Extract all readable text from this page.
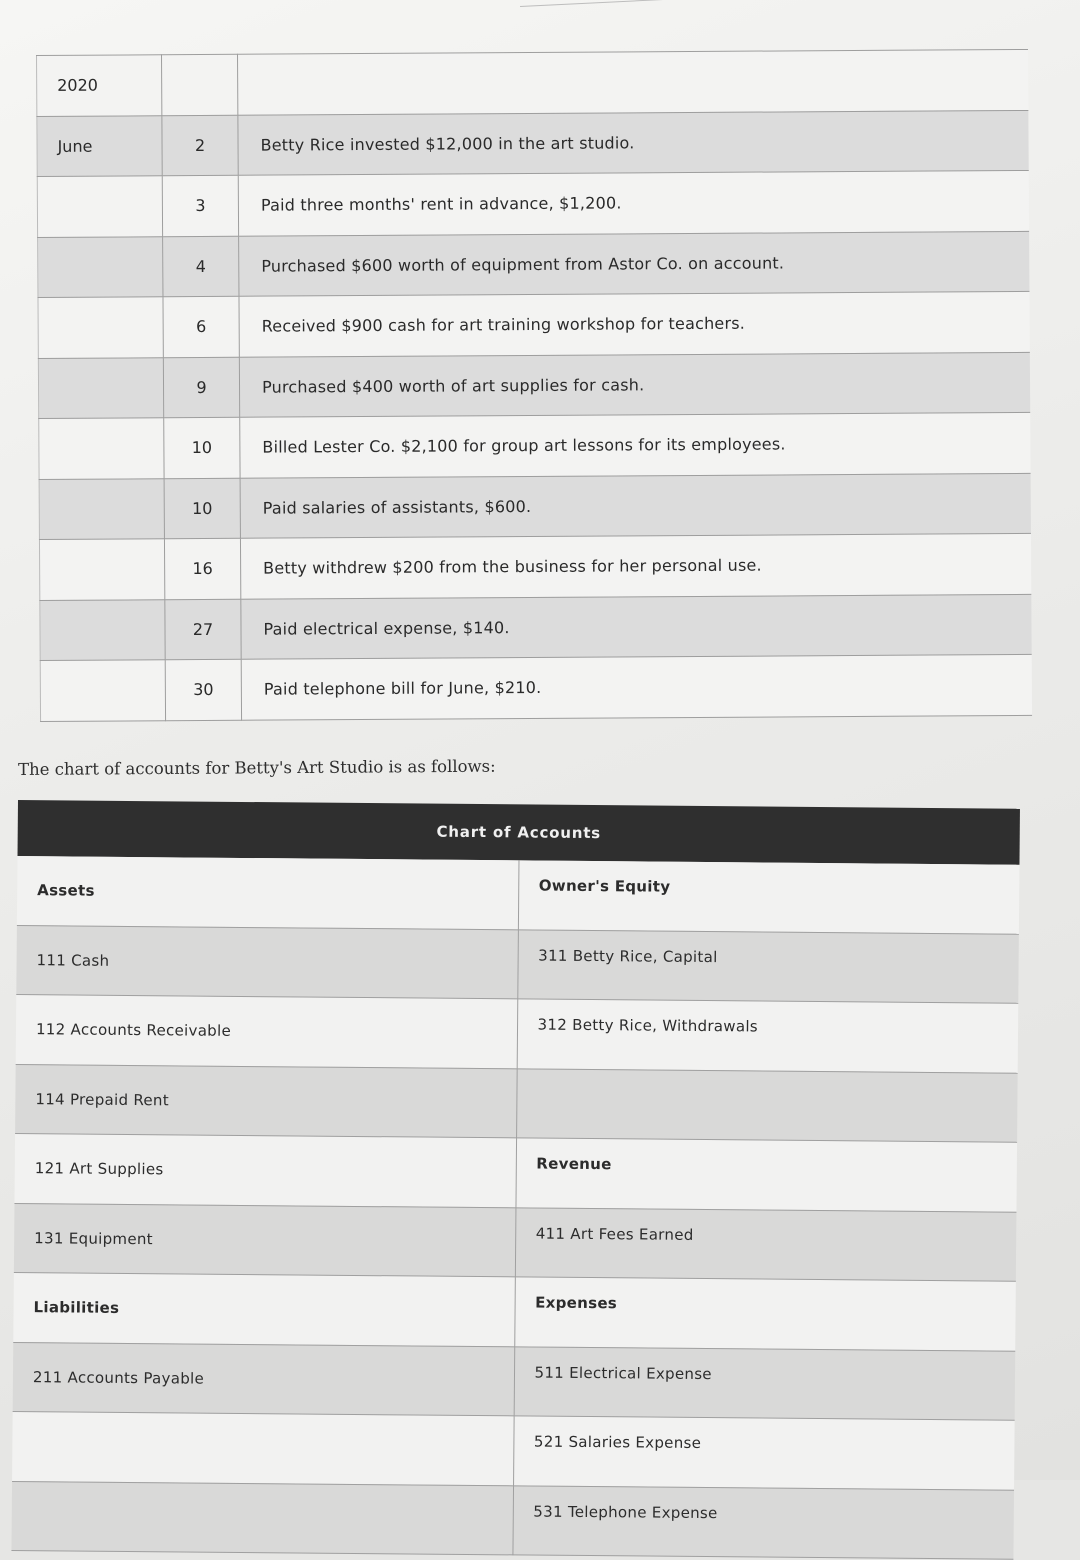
2020		
June	2	Betty Rice invested $12,000 in the art studio.
	3	Paid three months' rent in advance, $1,200.
	4	Purchased $600 worth of equipment from Astor Co. on account.
	6	Received $900 cash for art training workshop for teachers.
	9	Purchased $400 worth of art supplies for cash.
	10	Billed Lester Co. $2,100 for group art lessons for its employees.
	10	Paid salaries of assistants, $600.
	16	Betty withdrew $200 from the business for her personal use.
	27	Paid electrical expense, $140.
	30	Paid telephone bill for June, $210.
The chart of accounts for Betty's Art Studio is as follows:
Chart of Accounts
Assets	Owner's Equity
111 Cash	311 Betty Rice, Capital
112 Accounts Receivable	312 Betty Rice, Withdrawals
114 Prepaid Rent	
121 Art Supplies	Revenue
131 Equipment	411 Art Fees Earned
Liabilities	Expenses
211 Accounts Payable	511 Electrical Expense
	521 Salaries Expense
	531 Telephone Expense
